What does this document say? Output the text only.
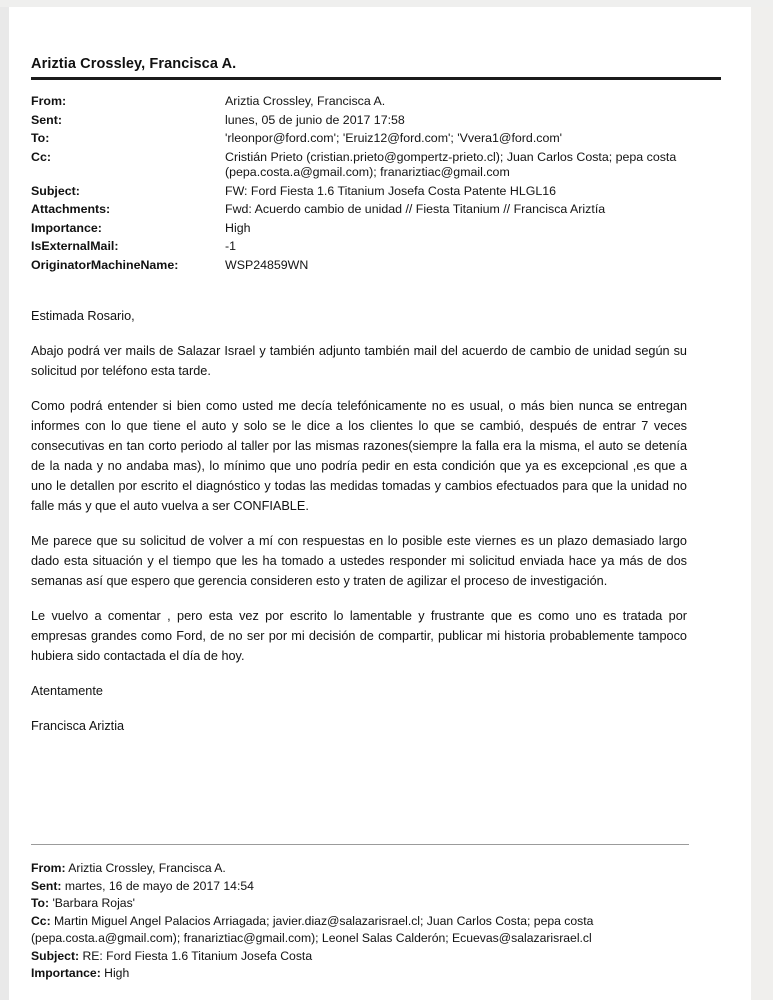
Ariztia Crossley, Francisca A.
From:	Ariztia Crossley, Francisca A.
Sent:	lunes, 05 de junio de 2017 17:58
To:	'rleonpor@ford.com'; 'Eruiz12@ford.com'; 'Vvera1@ford.com'
Cc:	Cristián Prieto (cristian.prieto@gompertz-prieto.cl); Juan Carlos Costa; pepa costa (pepa.costa.a@gmail.com); franariztiac@gmail.com
Subject:	FW: Ford Fiesta 1.6 Titanium Josefa Costa Patente HLGL16
Attachments:	Fwd: Acuerdo cambio de unidad // Fiesta Titanium // Francisca Ariztía
Importance:	High
IsExternalMail:	-1
OriginatorMachineName:	WSP24859WN

Estimada Rosario,

Abajo podrá ver mails de Salazar Israel y también adjunto también mail del acuerdo de cambio de unidad según su solicitud por teléfono esta tarde.

Como podrá entender si bien como usted me decía telefónicamente no es usual, o más bien nunca se entregan informes con lo que tiene el auto y solo se le dice a los clientes lo que se cambió, después de entrar 7 veces consecutivas en tan corto periodo al taller por las mismas razones(siempre la falla era la misma, el auto se detenía de la nada y no andaba mas), lo mínimo que uno podría pedir en esta condición que ya es excepcional ,es que a uno le detallen por escrito el diagnóstico y todas las medidas tomadas y cambios efectuados para que la unidad no falle más y que el auto vuelva a ser CONFIABLE.

Me parece que su solicitud de volver a mí con respuestas en lo posible este viernes es un plazo demasiado largo dado esta situación y el tiempo que les ha tomado a ustedes responder mi solicitud enviada hace ya más de dos semanas así que espero que gerencia consideren esto y traten de agilizar el proceso de investigación.

Le vuelvo a comentar , pero esta vez por escrito lo lamentable y frustrante que es como uno es tratada por empresas grandes como Ford, de no ser por mi decisión de compartir, publicar mi historia probablemente tampoco hubiera sido contactada el día de hoy.

Atentamente

Francisca Ariztia

From: Ariztia Crossley, Francisca A.
Sent: martes, 16 de mayo de 2017 14:54
To: 'Barbara Rojas'
Cc: Martin Miguel Angel Palacios Arriagada; javier.diaz@salazarisrael.cl; Juan Carlos Costa; pepa costa
(pepa.costa.a@gmail.com); franariztiac@gmail.com); Leonel Salas Calderón; Ecuevas@salazarisrael.cl
Subject: RE: Ford Fiesta 1.6 Titanium Josefa Costa
Importance: High
